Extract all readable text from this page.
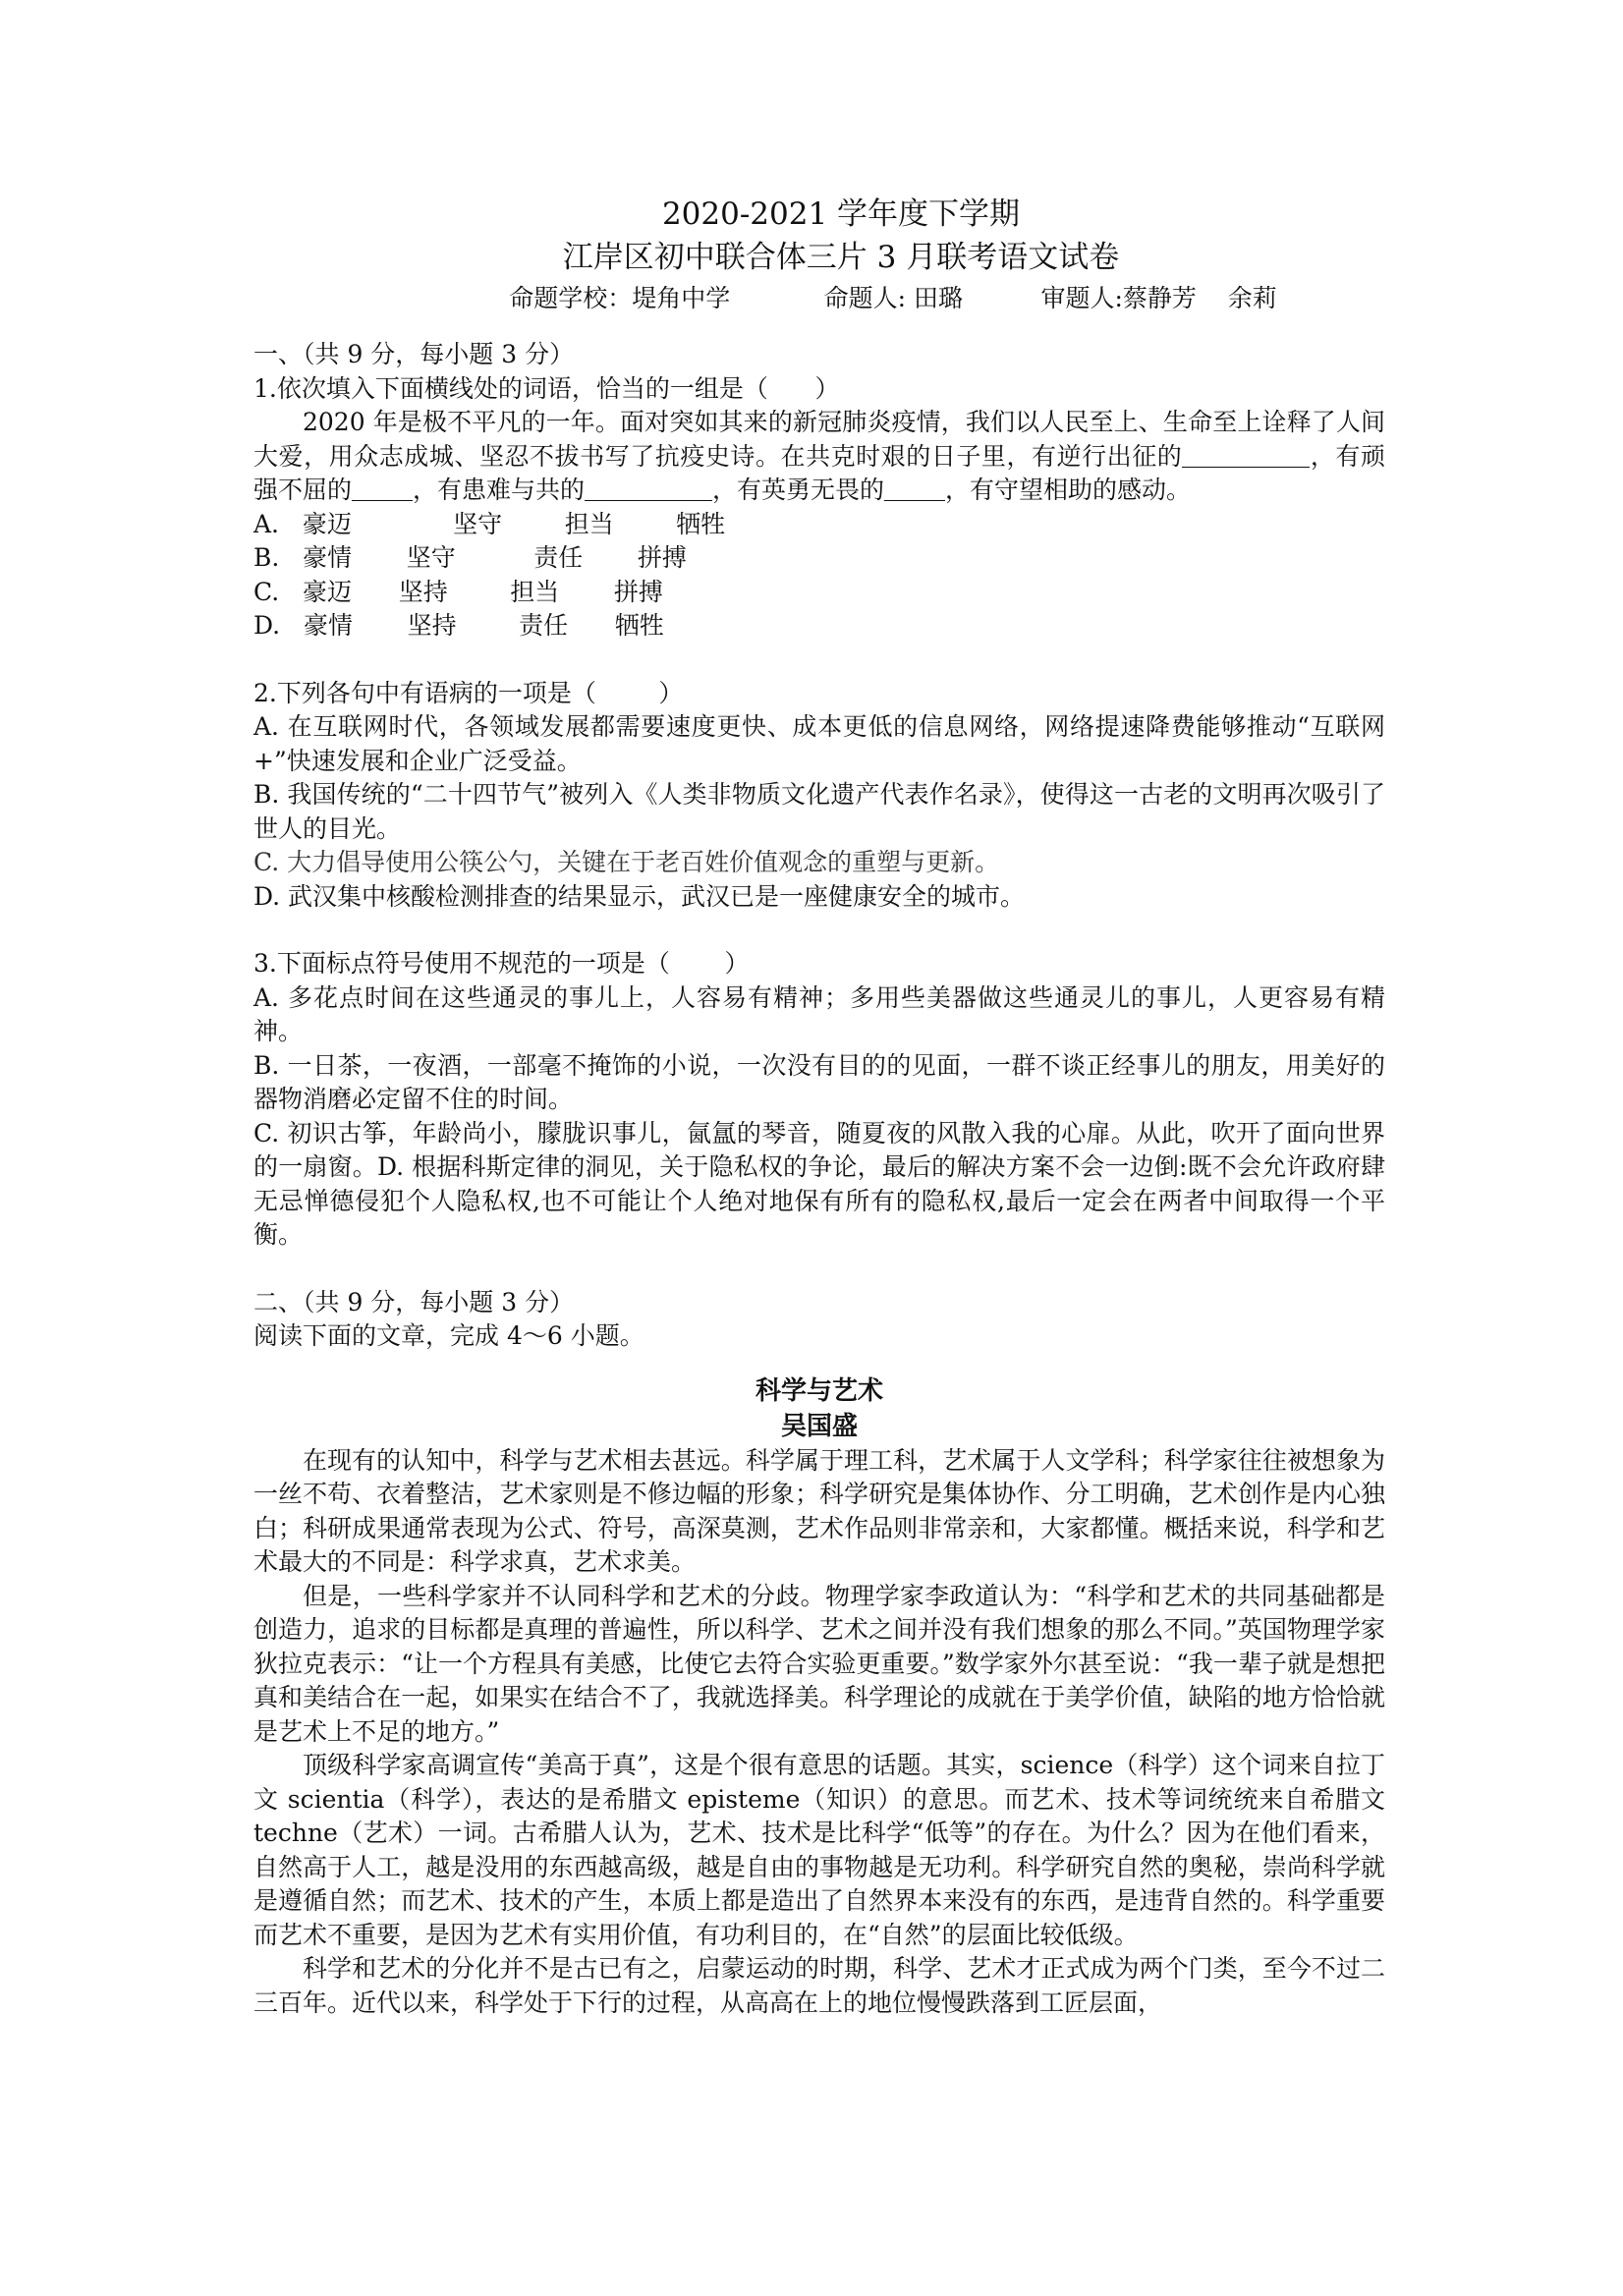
2020-2021 学年度下学期
江岸区初中联合体三片 3 月联考语文试卷
命题学校：堤角中学	命题人: 田璐	审题人:蔡静芳    余莉
一、（共 9 分，每小题 3 分）
1.依次填入下面横线处的词语，恰当的一组是（      ）
2020 年是极不平凡的一年。面对突如其来的新冠肺炎疫情，我们以人民至上、生命至上诠释了人间大爱，用众志成城、坚忍不拔书写了抗疫史诗。在共克时艰的日子里，有逆行出征的	，有顽强不屈的 ，有患难与共的	，有英勇无畏的 ，有守望相助的感动。
A.   豪迈             坚守        担当        牺牲
B.   豪情       坚守          责任       拼搏
C.   豪迈      坚持        担当       拼搏
D.   豪情       坚持        责任      牺牲
2.下列各句中有语病的一项是（        ）
A. 在互联网时代，各领域发展都需要速度更快、成本更低的信息网络，网络提速降费能够推动“互联网+”快速发展和企业广泛受益。
B. 我国传统的“二十四节气”被列入《人类非物质文化遗产代表作名录》，使得这一古老的文明再次吸引了世人的目光。
C. 大力倡导使用公筷公勺，关键在于老百姓价值观念的重塑与更新。
D. 武汉集中核酸检测排查的结果显示，武汉已是一座健康安全的城市。
3.下面标点符号使用不规范的一项是（       ）
A. 多花点时间在这些通灵的事儿上，人容易有精神；多用些美器做这些通灵儿的事儿，人更容易有精神。
B. 一日茶，一夜酒，一部毫不掩饰的小说，一次没有目的的见面，一群不谈正经事儿的朋友，用美好的器物消磨必定留不住的时间。
C. 初识古筝，年龄尚小，朦胧识事儿，氤氲的琴音，随夏夜的风散入我的心扉。从此，吹开了面向世界的一扇窗。D. 根据科斯定律的洞见，关于隐私权的争论，最后的解决方案不会一边倒:既不会允许政府肆无忌惮德侵犯个人隐私权,也不可能让个人绝对地保有所有的隐私权,最后一定会在两者中间取得一个平衡。
二、（共 9 分，每小题 3 分）
阅读下面的文章，完成 4～6 小题。
科学与艺术
吴国盛
在现有的认知中，科学与艺术相去甚远。科学属于理工科，艺术属于人文学科；科学家往往被想象为一丝不苟、衣着整洁，艺术家则是不修边幅的形象；科学研究是集体协作、分工明确，艺术创作是内心独白；科研成果通常表现为公式、符号，高深莫测，艺术作品则非常亲和，大家都懂。概括来说，科学和艺术最大的不同是：科学求真，艺术求美。
但是，一些科学家并不认同科学和艺术的分歧。物理学家李政道认为：“科学和艺术的共同基础都是创造力，追求的目标都是真理的普遍性，所以科学、艺术之间并没有我们想象的那么不同。”英国物理学家狄拉克表示：“让一个方程具有美感，比使它去符合实验更重要。”数学家外尔甚至说：“我一辈子就是想把真和美结合在一起，如果实在结合不了，我就选择美。科学理论的成就在于美学价值，缺陷的地方恰恰就是艺术上不足的地方。”
顶级科学家高调宣传“美高于真”，这是个很有意思的话题。其实，science（科学）这个词来自拉丁文 scientia（科学），表达的是希腊文 episteme（知识）的意思。而艺术、技术等词统统来自希腊文 techne（艺术）一词。古希腊人认为，艺术、技术是比科学“低等”的存在。为什么？因为在他们看来，自然高于人工，越是没用的东西越高级，越是自由的事物越是无功利。科学研究自然的奥秘，崇尚科学就是遵循自然；而艺术、技术的产生，本质上都是造出了自然界本来没有的东西，是违背自然的。科学重要而艺术不重要，是因为艺术有实用价值，有功利目的，在“自然”的层面比较低级。
科学和艺术的分化并不是古已有之，启蒙运动的时期，科学、艺术才正式成为两个门类，至今不过二三百年。近代以来，科学处于下行的过程，从高高在上的地位慢慢跌落到工匠层面，
